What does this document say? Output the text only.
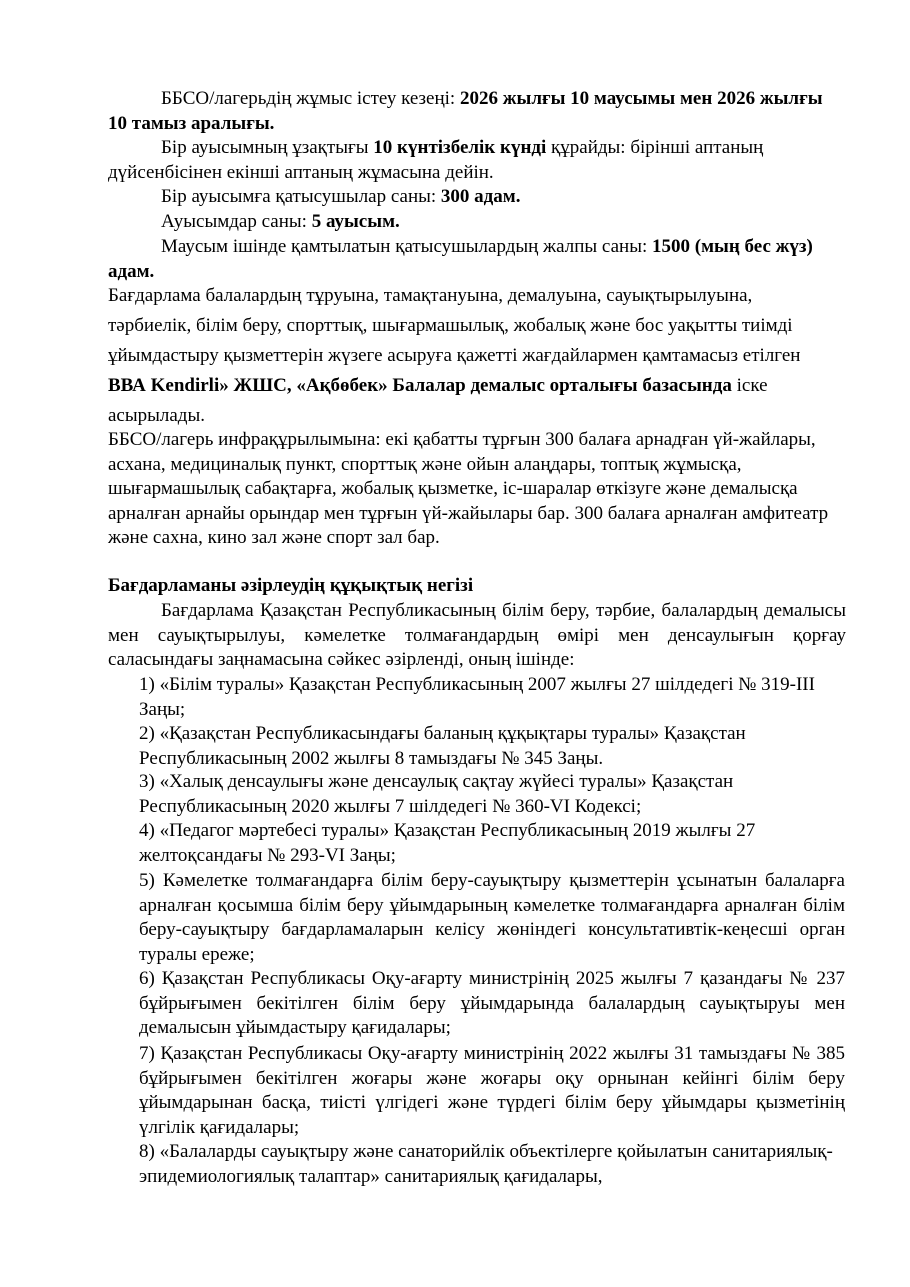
ББСО/лагерьдің жұмыс істеу кезеңі: 2026 жылғы 10 маусымы мен 2026 жылғы 10 тамыз аралығы.

Бір ауысымның ұзақтығы 10 күнтізбелік күнді құрайды: бірінші аптаның дүйсенбісінен екінші аптаның жұмасына дейін.

Бір ауысымға қатысушылар саны: 300 адам.

Ауысымдар саны: 5 ауысым.

Маусым ішінде қамтылатын қатысушылардың жалпы саны: 1500 (мың бес жүз) адам.

Бағдарлама балалардың тұруына, тамақтануына, демалуына, сауықтырылуына, тәрбиелік, білім беру, спорттық, шығармашылық, жобалық және бос уақытты тиімді ұйымдастыру қызметтерін жүзеге асыруға қажетті жағдайлармен қамтамасыз етілген ВВА Kendirli» ЖШС, «Ақбөбек» Балалар демалыс орталығы базасында іске асырылады.

ББСО/лагерь инфрақұрылымына: екі қабатты тұрғын 300 балаға арнадған үй-жайлары, асхана, медициналық пункт, спорттық және ойын алаңдары, топтық жұмысқа, шығармашылық сабақтарға, жобалық қызметке, іс-шаралар өткізуге және демалысқа арналған арнайы орындар мен тұрғын үй-жайылары бар. 300 балаға арналған амфитеатр және сахна, кино зал және спорт зал бар.

Бағдарламаны әзірлеудің құқықтық негізі

Бағдарлама Қазақстан Республикасының білім беру, тәрбие, балалардың демалысы мен сауықтырылуы, кәмелетке толмағандардың өмірі мен денсаулығын қорғау саласындағы заңнамасына сәйкес әзірленді, оның ішінде:

1) «Білім туралы» Қазақстан Республикасының 2007 жылғы 27 шілдедегі № 319-ІІІ Заңы;

2) «Қазақстан Республикасындағы баланың құқықтары туралы» Қазақстан Республикасының 2002 жылғы 8 тамыздағы № 345 Заңы.

3) «Халық денсаулығы және денсаулық сақтау жүйесі туралы» Қазақстан Республикасының 2020 жылғы 7 шілдедегі № 360-VI Кодексі;

4) «Педагог мәртебесі туралы» Қазақстан Республикасының 2019 жылғы 27 желтоқсандағы № 293-VI Заңы;

5) Кәмелетке толмағандарға білім беру-сауықтыру қызметтерін ұсынатын балаларға арналған қосымша білім беру ұйымдарының кәмелетке толмағандарға арналған білім беру-сауықтыру бағдарламаларын келісу жөніндегі консультативтік-кеңесші орган туралы ереже;

6) Қазақстан Республикасы Оқу-ағарту министрінің 2025 жылғы 7 қазандағы № 237 бұйрығымен бекітілген білім беру ұйымдарында балалардың сауықтыруы мен демалысын ұйымдастыру қағидалары;

7) Қазақстан Республикасы Оқу-ағарту министрінің 2022 жылғы 31 тамыздағы № 385 бұйрығымен бекітілген жоғары және жоғары оқу орнынан кейінгі білім беру ұйымдарынан басқа, тиісті үлгідегі және түрдегі білім беру ұйымдары қызметінің үлгілік қағидалары;

8) «Балаларды сауықтыру және санаторийлік объектілерге қойылатын санитариялық-эпидемиологиялық талаптар» санитариялық қағидалары,
